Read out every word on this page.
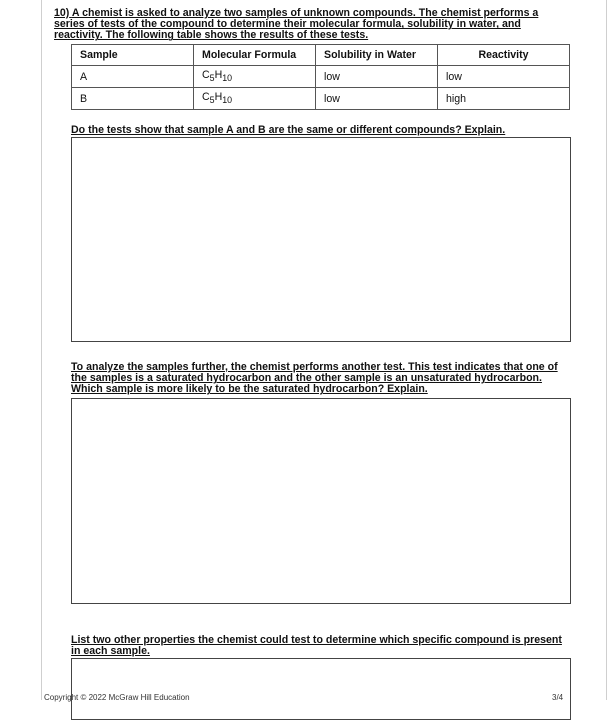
10) A chemist is asked to analyze two samples of unknown compounds. The chemist performs a series of tests of the compound to determine their molecular formula, solubility in water, and reactivity. The following table shows the results of these tests.
Sample	Molecular Formula	Solubility in Water	Reactivity
A	$C_5H_{10}$	low	low
B	$C_5H_{10}$	low	high
Do the tests show that sample A and B are the same or different compounds? Explain.
To analyze the samples further, the chemist performs another test. This test indicates that one of the samples is a saturated hydrocarbon and the other sample is an unsaturated hydrocarbon. Which sample is more likely to be the saturated hydrocarbon? Explain.
List two other properties the chemist could test to determine which specific compound is present in each sample.
Copyright © 2022 McGraw Hill Education	3/4
